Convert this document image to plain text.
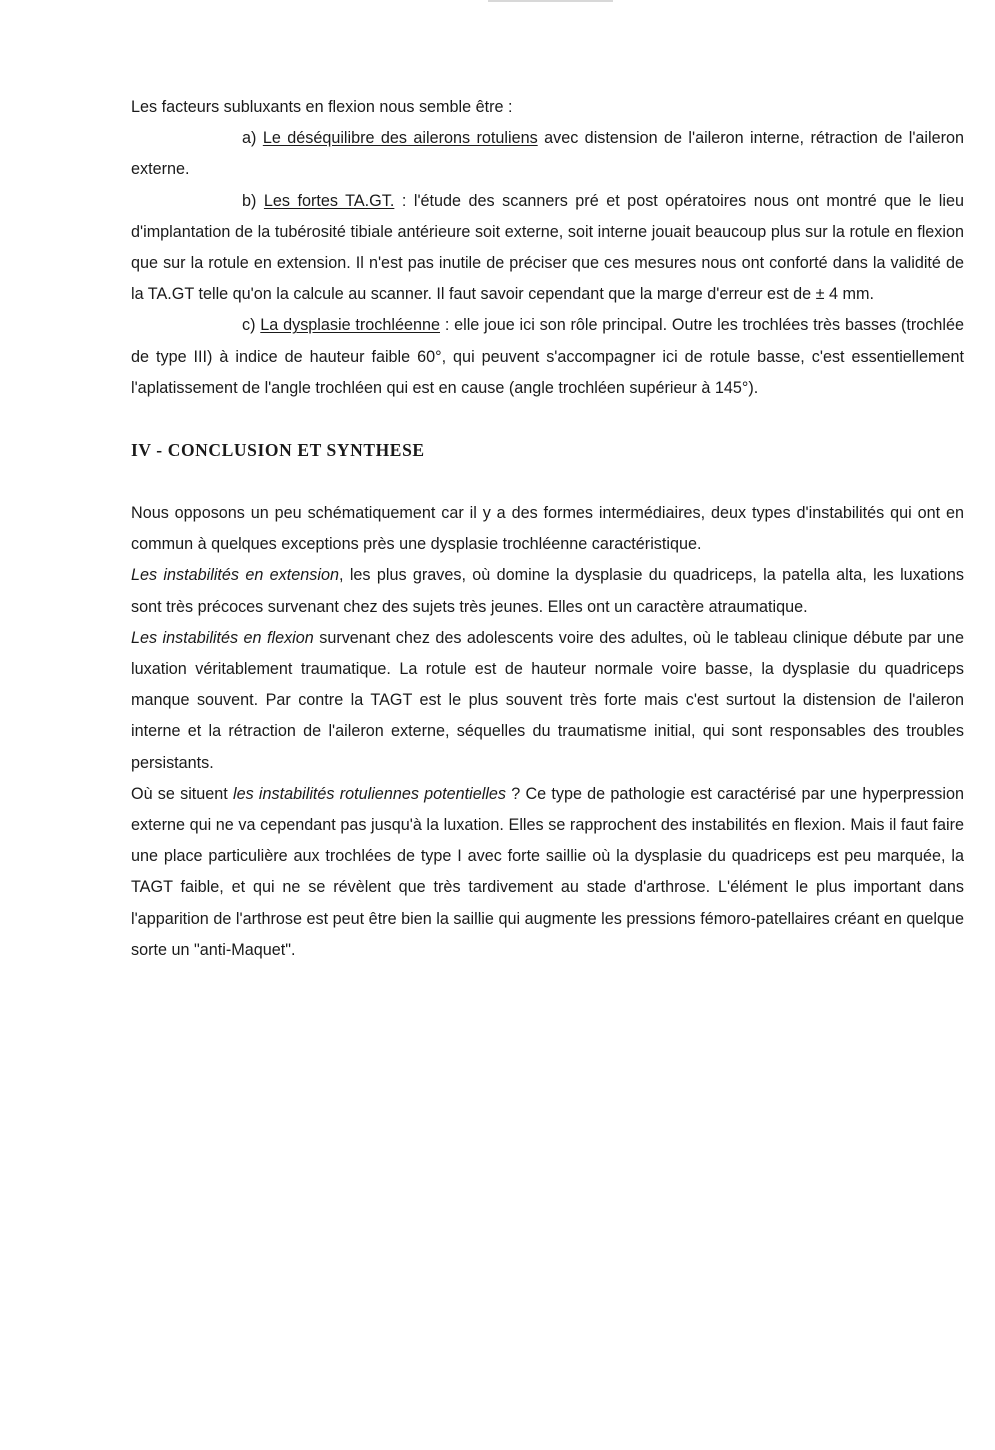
Les facteurs subluxants en flexion nous semble être :

a) Le déséquilibre des ailerons rotuliens avec distension de l'aileron interne, rétraction de l'aileron externe.

b) Les fortes TA.GT. : l'étude des scanners pré et post opératoires nous ont montré que le lieu d'implantation de la tubérosité tibiale antérieure soit externe, soit interne jouait beaucoup plus sur la rotule en flexion que sur la rotule en extension. Il n'est pas inutile de préciser que ces mesures nous ont conforté dans la validité de la TA.GT telle qu'on la calcule au scanner. Il faut savoir cependant que la marge d'erreur est de ± 4 mm.

c) La dysplasie trochléenne : elle joue ici son rôle principal. Outre les trochlées très basses (trochlée de type III) à indice de hauteur faible 60°, qui peuvent s'accompagner ici de rotule basse, c'est essentiellement l'aplatissement de l'angle trochléen qui est en cause (angle trochléen supérieur à 145°).

IV - CONCLUSION ET SYNTHESE

Nous opposons un peu schématiquement car il y a des formes intermédiaires, deux types d'instabilités qui ont en commun à quelques exceptions près une dysplasie trochléenne caractéristique.

Les instabilités en extension, les plus graves, où domine la dysplasie du quadriceps, la patella alta, les luxations sont très précoces survenant chez des sujets très jeunes. Elles ont un caractère atraumatique.

Les instabilités en flexion survenant chez des adolescents voire des adultes, où le tableau clinique débute par une luxation véritablement traumatique. La rotule est de hauteur normale voire basse, la dysplasie du quadriceps manque souvent. Par contre la TAGT est le plus souvent très forte mais c'est surtout la distension de l'aileron interne et la rétraction de l'aileron externe, séquelles du traumatisme initial, qui sont responsables des troubles persistants.

Où se situent les instabilités rotuliennes potentielles ? Ce type de pathologie est caractérisé par une hyperpression externe qui ne va cependant pas jusqu'à la luxation. Elles se rapprochent des instabilités en flexion. Mais il faut faire une place particulière aux trochlées de type I avec forte saillie où la dysplasie du quadriceps est peu marquée, la TAGT faible, et qui ne se révèlent que très tardivement au stade d'arthrose. L'élément le plus important dans l'apparition de l'arthrose est peut être bien la saillie qui augmente les pressions fémoro-patellaires créant en quelque sorte un "anti-Maquet".
